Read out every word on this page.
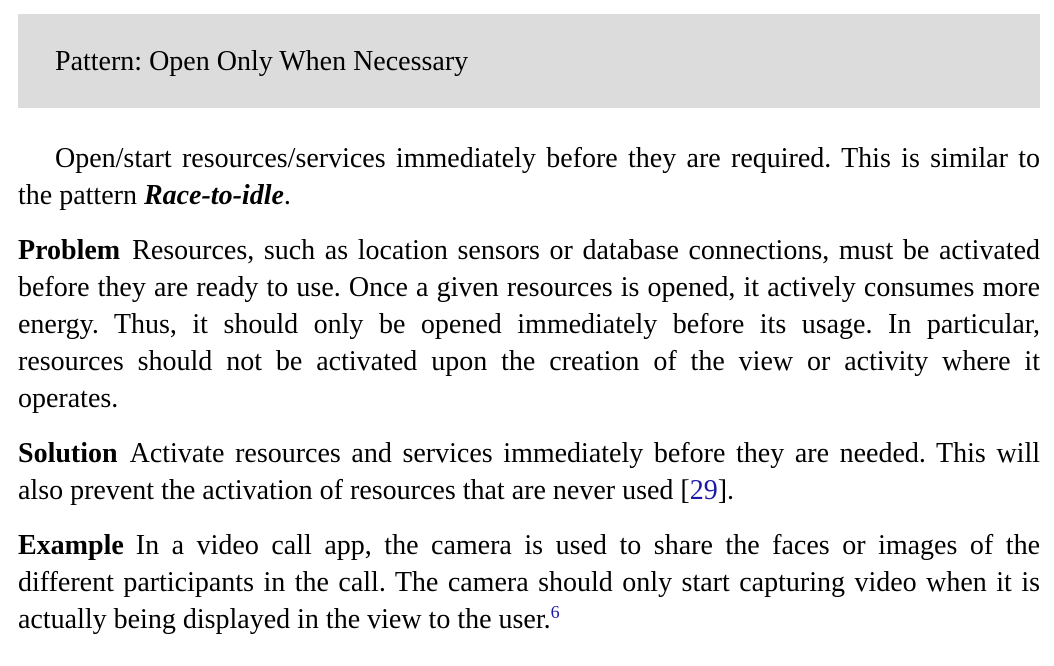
Pattern: Open Only When Necessary

Open/start resources/services immediately before they are required. This is similar to the pattern Race-to-idle.

Problem Resources, such as location sensors or database connections, must be activated before they are ready to use. Once a given resources is opened, it actively consumes more energy. Thus, it should only be opened immediately before its usage. In particular, resources should not be activated upon the creation of the view or activity where it operates.

Solution Activate resources and services immediately before they are needed. This will also prevent the activation of resources that are never used [29].

Example In a video call app, the camera is used to share the faces or images of the different participants in the call. The camera should only start capturing video when it is actually being displayed in the view to the user.$^6$
